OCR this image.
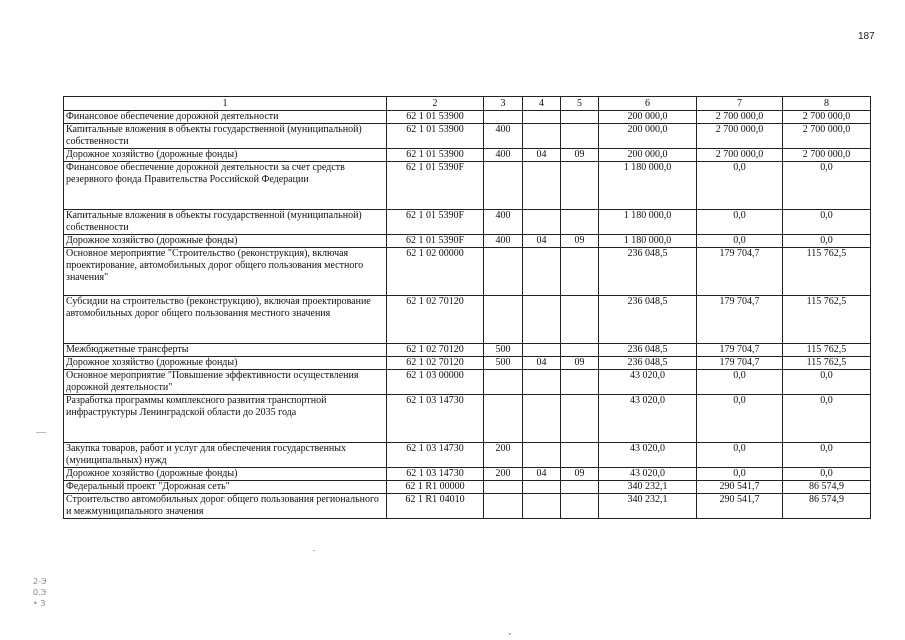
187
1	2	3	4	5	6	7	8
Финансовое обеспечение дорожной деятельности	62 1 01 53900				200 000,0	2 700 000,0	2 700 000,0
Капитальные вложения в объекты государственной (муниципальной) собственности	62 1 01 53900	400			200 000,0	2 700 000,0	2 700 000,0
Дорожное хозяйство (дорожные фонды)	62 1 01 53900	400	04	09	200 000,0	2 700 000,0	2 700 000,0
Финансовое обеспечение дорожной деятельности за счет средств резервного фонда Правительства Российской Федерации	62 1 01 5390F				1 180 000,0	0,0	0,0
Капитальные вложения в объекты государственной (муниципальной) собственности	62 1 01 5390F	400			1 180 000,0	0,0	0,0
Дорожное хозяйство (дорожные фонды)	62 1 01 5390F	400	04	09	1 180 000,0	0,0	0,0
Основное мероприятие "Строительство (реконструкция), включая проектирование, автомобильных дорог общего пользования местного значения"	62 1 02 00000				236 048,5	179 704,7	115 762,5
Субсидии на строительство (реконструкцию), включая проектирование автомобильных дорог общего пользования местного значения	62 1 02 70120				236 048,5	179 704,7	115 762,5
Межбюджетные трансферты	62 1 02 70120	500			236 048,5	179 704,7	115 762,5
Дорожное хозяйство (дорожные фонды)	62 1 02 70120	500	04	09	236 048,5	179 704,7	115 762,5
Основное мероприятие "Повышение эффективности осуществления дорожной деятельности"	62 1 03 00000				43 020,0	0,0	0,0
Разработка программы комплексного развития транспортной инфраструктуры Ленинградской области до 2035 года	62 1 03 14730				43 020,0	0,0	0,0
Закупка товаров, работ и услуг для обеспечения государственных (муниципальных) нужд	62 1 03 14730	200			43 020,0	0,0	0,0
Дорожное хозяйство (дорожные фонды)	62 1 03 14730	200	04	09	43 020,0	0,0	0,0
Федеральный проект "Дорожная сеть"	62 1 R1 00000				340 232,1	290 541,7	86 574,9
Строительство автомобильных дорог общего пользования регионального и межмуниципального значения	62 1 R1 04010				340 232,1	290 541,7	86 574,9
2-Э
0.Э
• З
